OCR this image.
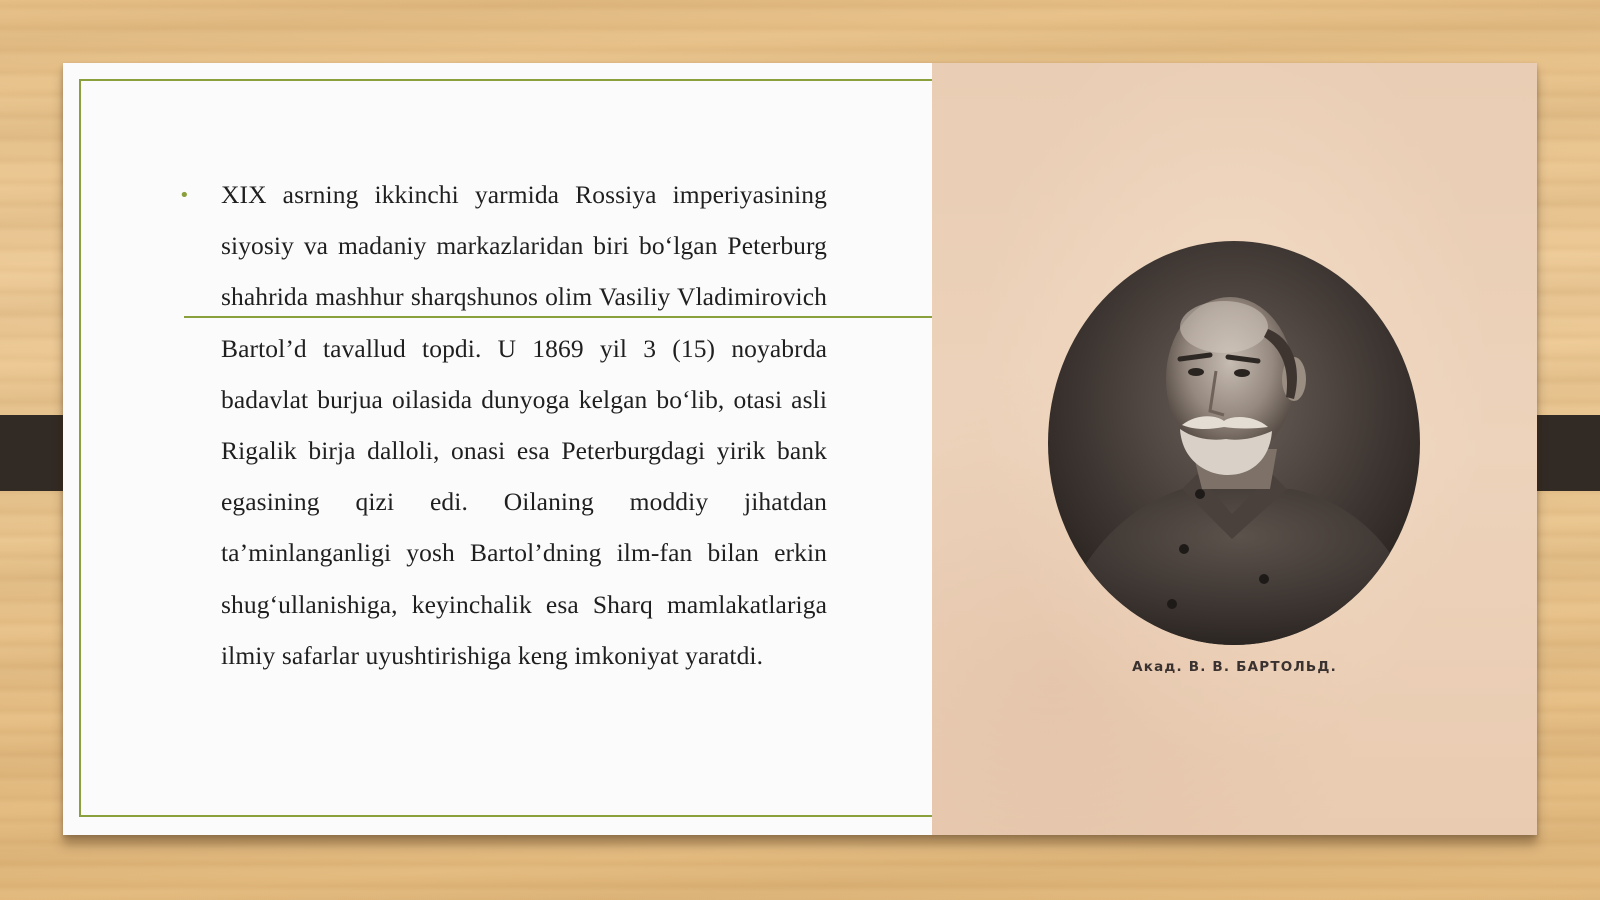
• XIX asrning ikkinchi yarmida Rossiya imperiyasining siyosiy va madaniy markazlaridan biri bo‘lgan Peterburg shahrida mashhur sharqshunos olim Vasiliy Vladimirovich Bartol’d tavallud topdi. U 1869 yil 3 (15) noyabrda badavlat burjua oilasida dunyoga kelgan bo‘lib, otasi asli Rigalik birja dalloli, onasi esa Peterburgdagi yirik bank egasining qizi edi. Oilaning moddiy jihatdan ta’minlanganligi yosh Bartol’dning ilm-fan bilan erkin shug‘ullanishiga, keyinchalik esa Sharq mamlakatlariga ilmiy safarlar uyushtirishiga keng imkoniyat yaratdi.	Акад. В. В. БАРТОЛЬД.
